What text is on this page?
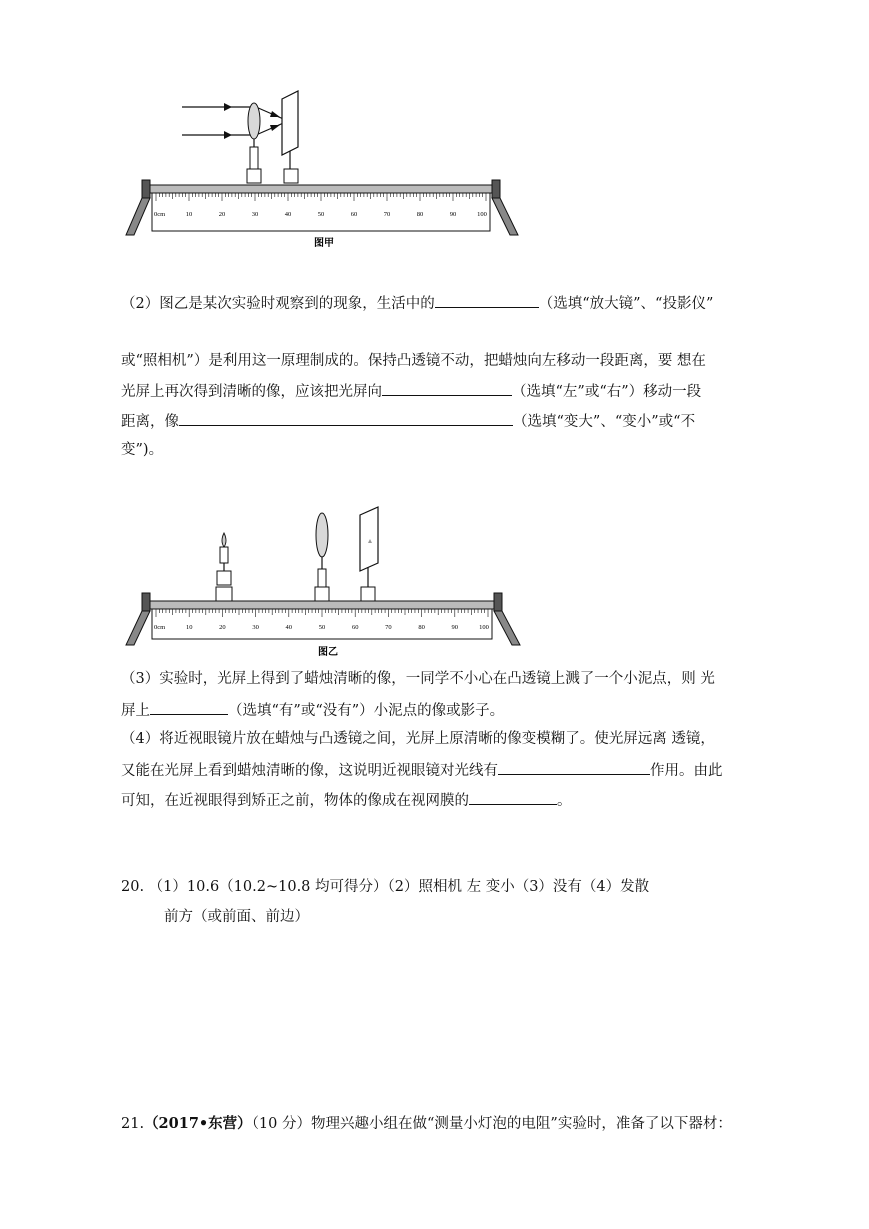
0cm	10	20	30	40	50	60	70	80	90	100
图甲
（2）图乙是某次实验时观察到的现象，生活中的	（选填“放大镜”、“投影仪”
或“照相机”）是利用这一原理制成的。保持凸透镜不动，把蜡烛向左移动一段距离，要 想在
光屏上再次得到清晰的像，应该把光屏向	（选填“左”或“右”）移动一段
距离，像	（选填“变大”、“变小”或“不
变”)。
0cm	10	20	30	40	50	60	70	80	90	100
图乙
（3）实验时，光屏上得到了蜡烛清晰的像，一同学不小心在凸透镜上溅了一个小泥点，则 光
屏上	（选填“有”或“没有”）小泥点的像或影子。
（4）将近视眼镜片放在蜡烛与凸透镜之间，光屏上原清晰的像变模糊了。使光屏远离 透镜，
又能在光屏上看到蜡烛清晰的像，这说明近视眼镜对光线有	作用。由此
可知，在近视眼得到矫正之前，物体的像成在视网膜的	。
20. （1）10.6（10.2~10.8 均可得分）（2）照相机 左 变小（3）没有（4）发散
前方（或前面、前边）
21.（2017•东营）（10 分）物理兴趣小组在做“测量小灯泡的电阻”实验时，准备了以下器材：
